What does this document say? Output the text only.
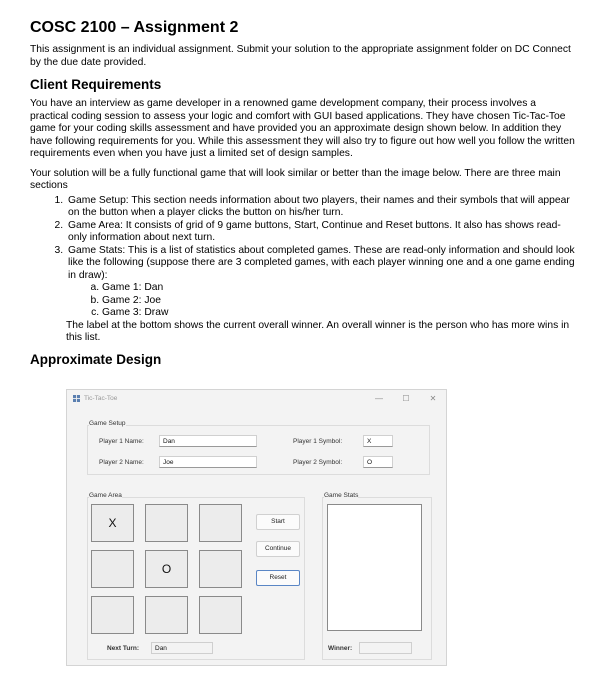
COSC 2100 – Assignment 2

This assignment is an individual assignment. Submit your solution to the appropriate assignment folder on DC Connect by the due date provided.

Client Requirements

You have an interview as game developer in a renowned game development company, their process involves a practical coding session to assess your logic and comfort with GUI based applications. They have chosen Tic-Tac-Toe game for your coding skills assessment and have provided you an approximate design shown below. In addition they have following requirements for you. While this assessment they will also try to figure out how well you follow the written requirements even when you have just a limited set of design samples.

Your solution will be a fully functional game that will look similar or better than the image below. There are three main sections

1. Game Setup: This section needs information about two players, their names and their symbols that will appear on the button when a player clicks the button on his/her turn.
2. Game Area: It consists of grid of 9 game buttons, Start, Continue and Reset buttons. It also has shows read-only information about next turn.
3. Game Stats: This is a list of statistics about completed games. These are read-only information and should look like the following (suppose there are 3 completed games, with each player winning one and a one game ending in draw):
a. Game 1: Dan
b. Game 2: Joe
c. Game 3: Draw

The label at the bottom shows the current overall winner. An overall winner is the person who has more wins in this list.

Approximate Design
Tic-Tac-Toe	—	☐	✕
Game Setup
Player 1 Name:	Dan
Player 2 Name:	Joe
Player 1 Symbol:	X
Player 2 Symbol:	O
Game Area
X
O
Start
Continue
Reset
Next Turn:	Dan
Game Stats
Winner:
